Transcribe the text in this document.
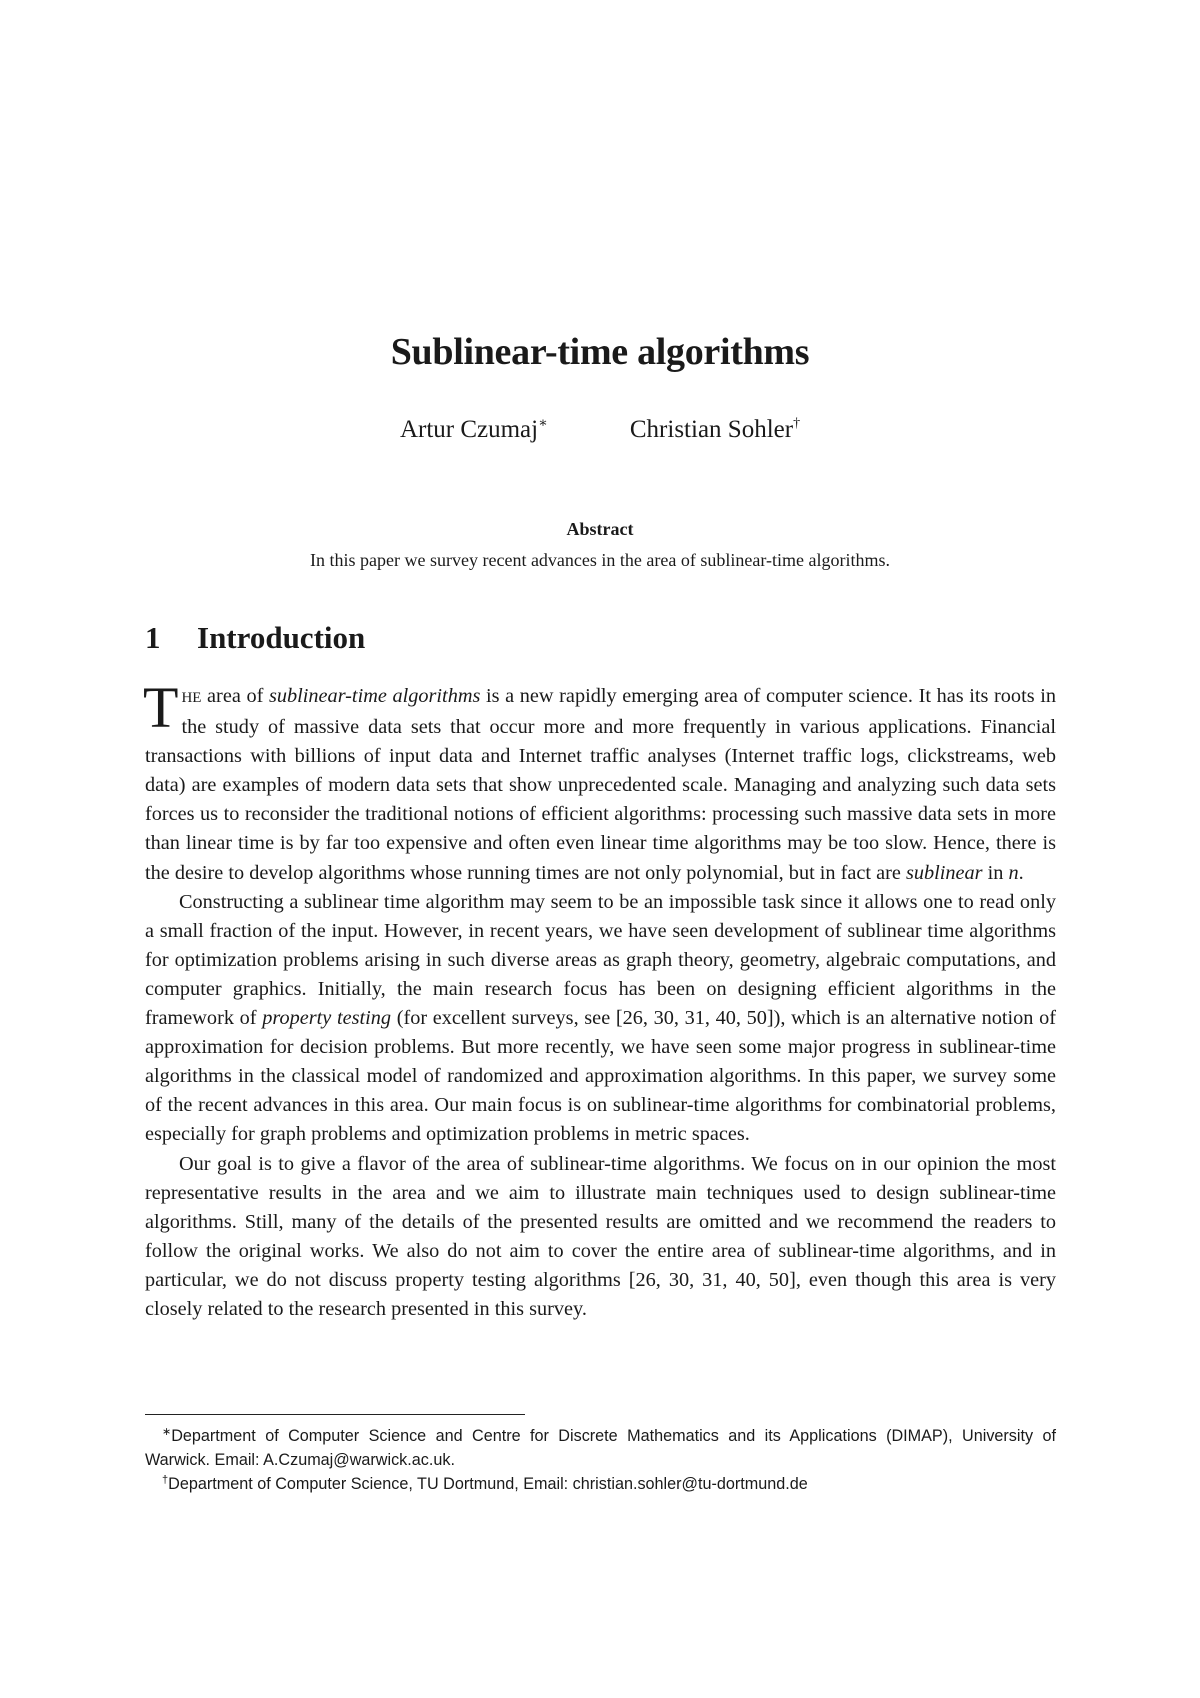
Sublinear-time algorithms
Artur Czumaj∗	Christian Sohler†
Abstract
In this paper we survey recent advances in the area of sublinear-time algorithms.
1 Introduction

THE area of sublinear-time algorithms is a new rapidly emerging area of computer science. It has its roots in the study of massive data sets that occur more and more frequently in various applications. Financial transactions with billions of input data and Internet traffic analyses (Internet traffic logs, clickstreams, web data) are examples of modern data sets that show unprecedented scale. Managing and analyzing such data sets forces us to reconsider the traditional notions of efficient algorithms: processing such massive data sets in more than linear time is by far too expensive and often even linear time algorithms may be too slow. Hence, there is the desire to develop algorithms whose running times are not only polynomial, but in fact are sublinear in n.

Constructing a sublinear time algorithm may seem to be an impossible task since it allows one to read only a small fraction of the input. However, in recent years, we have seen development of sublinear time algorithms for optimization problems arising in such diverse areas as graph theory, geometry, algebraic computations, and computer graphics. Initially, the main research focus has been on designing efficient algorithms in the framework of property testing (for excellent surveys, see [26, 30, 31, 40, 50]), which is an alternative notion of approximation for decision problems. But more recently, we have seen some major progress in sublinear-time algorithms in the classical model of randomized and approximation algorithms. In this paper, we survey some of the recent advances in this area. Our main focus is on sublinear-time algorithms for combinatorial problems, especially for graph problems and optimization problems in metric spaces.

Our goal is to give a flavor of the area of sublinear-time algorithms. We focus on in our opinion the most representative results in the area and we aim to illustrate main techniques used to design sublinear-time algorithms. Still, many of the details of the presented results are omitted and we recommend the readers to follow the original works. We also do not aim to cover the entire area of sublinear-time algorithms, and in particular, we do not discuss property testing algorithms [26, 30, 31, 40, 50], even though this area is very closely related to the research presented in this survey.

∗Department of Computer Science and Centre for Discrete Mathematics and its Applications (DIMAP), University of Warwick. Email: A.Czumaj@warwick.ac.uk.

†Department of Computer Science, TU Dortmund, Email: christian.sohler@tu-dortmund.de
